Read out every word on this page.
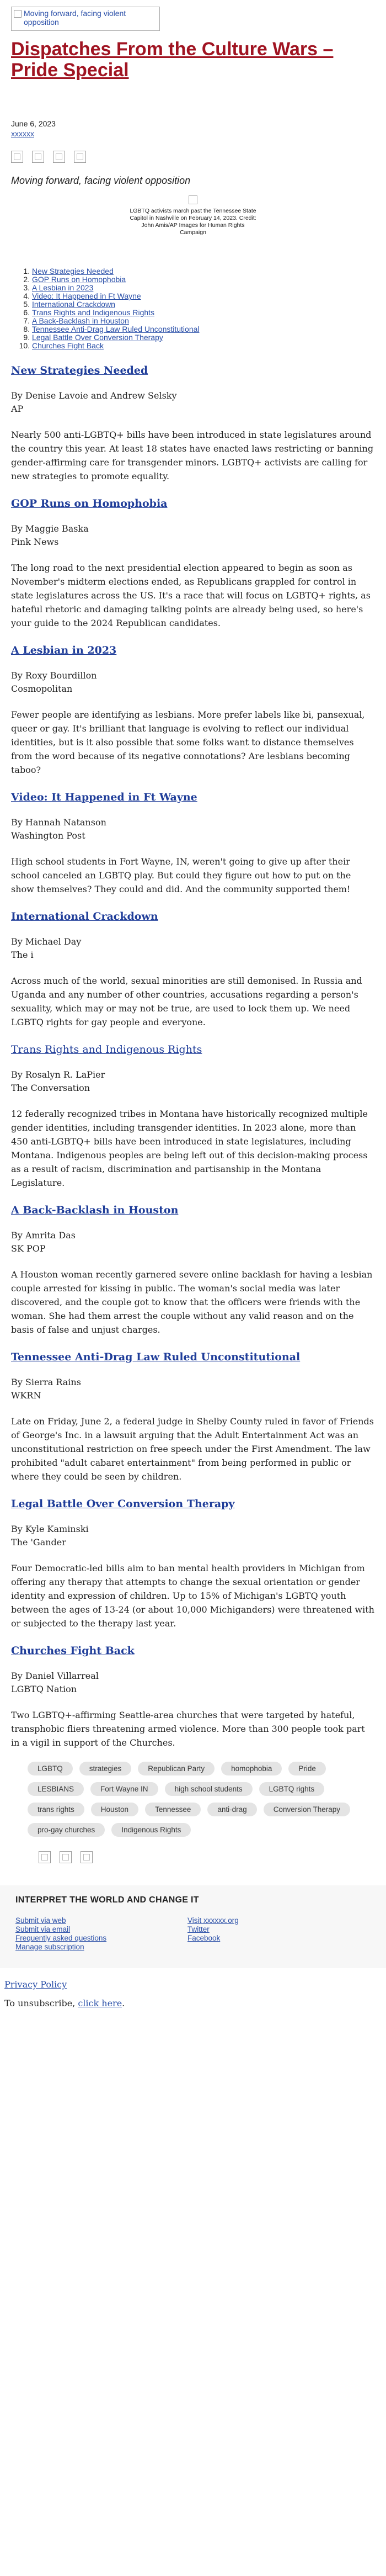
Moving forward, facing violent opposition
Dispatches From the Culture Wars – Pride Special
June 6, 2023
xxxxxx
Moving forward, facing violent opposition
LGBTQ activists march past the Tennessee State Capitol in Nashville on February 14, 2023. Credit: John Amis/AP Images for Human Rights Campaign
1. New Strategies Needed
2. GOP Runs on Homophobia
3. A Lesbian in 2023
4. Video: It Happened in Ft Wayne
5. International Crackdown
6. Trans Rights and Indigenous Rights
7. A Back-Backlash in Houston
8. Tennessee Anti-Drag Law Ruled Unconstitutional
9. Legal Battle Over Conversion Therapy
10. Churches Fight Back
New Strategies Needed
By Denise Lavoie and Andrew Selsky
AP

Nearly 500 anti-LGBTQ+ bills have been introduced in state legislatures around the country this year. At least 18 states have enacted laws restricting or banning gender-affirming care for transgender minors. LGBTQ+ activists are calling for new strategies to promote equality.

GOP Runs on Homophobia
By Maggie Baska
Pink News

The long road to the next presidential election appeared to begin as soon as November's midterm elections ended, as Republicans grappled for control in state legislatures across the US. It's a race that will focus on LGBTQ+ rights, as hateful rhetoric and damaging talking points are already being used, so here's your guide to the 2024 Republican candidates.

A Lesbian in 2023
By Roxy Bourdillon
Cosmopolitan

Fewer people are identifying as lesbians. More prefer labels like bi, pansexual, queer or gay. It's brilliant that language is evolving to reflect our individual identities, but is it also possible that some folks want to distance themselves from the word because of its negative connotations? Are lesbians becoming taboo?

Video: It Happened in Ft Wayne
By Hannah Natanson
Washington Post

High school students in Fort Wayne, IN, weren't going to give up after their school canceled an LGBTQ play. But could they figure out how to put on the show themselves? They could and did. And the community supported them!

International Crackdown
By Michael Day
The i

Across much of the world, sexual minorities are still demonised. In Russia and Uganda and any number of other countries, accusations regarding a person's sexuality, which may or may not be true, are used to lock them up. We need LGBTQ rights for gay people and everyone.

Trans Rights and Indigenous Rights
By Rosalyn R. LaPier
The Conversation

12 federally recognized tribes in Montana have historically recognized multiple gender identities, including transgender identities. In 2023 alone, more than 450 anti-LGBTQ+ bills have been introduced in state legislatures, including Montana. Indigenous peoples are being left out of this decision-making process as a result of racism, discrimination and partisanship in the Montana Legislature.

A Back-Backlash in Houston
By Amrita Das
SK POP

A Houston woman recently garnered severe online backlash for having a lesbian couple arrested for kissing in public. The woman's social media was later discovered, and the couple got to know that the officers were friends with the woman. She had them arrest the couple without any valid reason and on the basis of false and unjust charges.

Tennessee Anti-Drag Law Ruled Unconstitutional
By Sierra Rains
WKRN

Late on Friday, June 2, a federal judge in Shelby County ruled in favor of Friends of George's Inc. in a lawsuit arguing that the Adult Entertainment Act was an unconstitutional restriction on free speech under the First Amendment. The law prohibited "adult cabaret entertainment" from being performed in public or where they could be seen by children.

Legal Battle Over Conversion Therapy
By Kyle Kaminski
The 'Gander

Four Democratic-led bills aim to ban mental health providers in Michigan from offering any therapy that attempts to change the sexual orientation or gender identity and expression of children. Up to 15% of Michigan's LGBTQ youth between the ages of 13-24 (or about 10,000 Michiganders) were threatened with or subjected to the therapy last year.

Churches Fight Back
By Daniel Villarreal
LGBTQ Nation

Two LGBTQ+-affirming Seattle-area churches that were targeted by hateful, transphobic fliers threatening armed violence. More than 300 people took part in a vigil in support of the Churches.

LGBTQ	strategies	Republican Party	homophobia	Pride
LESBIANS	Fort Wayne IN	high school students	LGBTQ rights
trans rights	Houston	Tennessee	anti-drag	Conversion Therapy
pro-gay churches	Indigenous Rights
INTERPRET THE WORLD AND CHANGE IT
Submit via web
Submit via email
Frequently asked questions
Manage subscription
Visit xxxxxx.org
Twitter
Facebook
Privacy Policy
To unsubscribe, click here.
